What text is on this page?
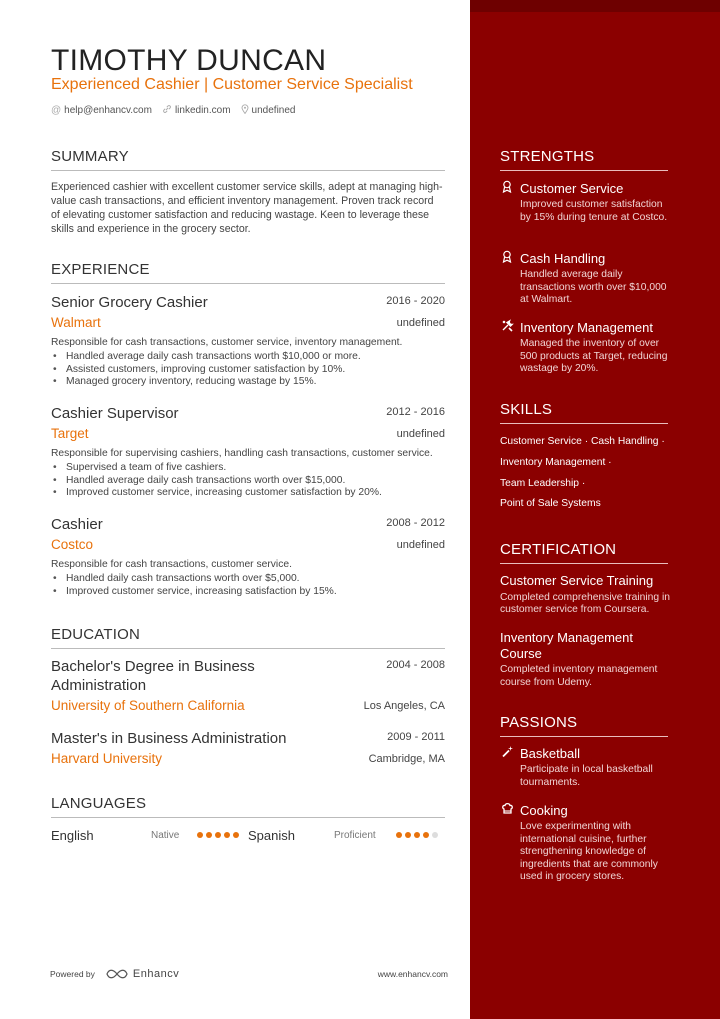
TIMOTHY DUNCAN
Experienced Cashier | Customer Service Specialist
@ help@enhancv.com linkedin.com undefined
SUMMARY

Experienced cashier with excellent customer service skills, adept at managing high-value cash transactions, and efficient inventory management. Proven track record of elevating customer satisfaction and reducing wastage. Keen to leverage these skills and experience in the grocery sector.

EXPERIENCE
Senior Grocery Cashier	2016 - 2020
Walmart	undefined
Responsible for cash transactions, customer service, inventory management.
• Handled average daily cash transactions worth $10,000 or more.
• Assisted customers, improving customer satisfaction by 10%.
• Managed grocery inventory, reducing wastage by 15%.
Cashier Supervisor	2012 - 2016
Target	undefined
Responsible for supervising cashiers, handling cash transactions, customer service.
• Supervised a team of five cashiers.
• Handled average daily cash transactions worth over $15,000.
• Improved customer service, increasing customer satisfaction by 20%.
Cashier	2008 - 2012
Costco	undefined
Responsible for cash transactions, customer service.
• Handled daily cash transactions worth over $5,000.
• Improved customer service, increasing satisfaction by 15%.
EDUCATION
Bachelor's Degree in Business Administration
2004 - 2008
University of Southern California	Los Angeles, CA
Master's in Business Administration	2009 - 2011
Harvard University	Cambridge, MA
LANGUAGES
English	Native	Spanish	Proficient
Powered by	Enhancv	www.enhancv.com
STRENGTHS
Customer Service
Improved customer satisfaction by 15% during tenure at Costco.
Cash Handling
Handled average daily transactions worth over $10,000 at Walmart.
Inventory Management
Managed the inventory of over 500 products at Target, reducing wastage by 20%.
SKILLS
Customer Service · Cash Handling ·
Inventory Management ·
Team Leadership ·
Point of Sale Systems
CERTIFICATION
Customer Service Training
Completed comprehensive training in customer service from Coursera.
Inventory Management Course
Completed inventory management course from Udemy.
PASSIONS
Basketball
Participate in local basketball tournaments.
Cooking
Love experimenting with international cuisine, further strengthening knowledge of ingredients that are commonly used in grocery stores.
